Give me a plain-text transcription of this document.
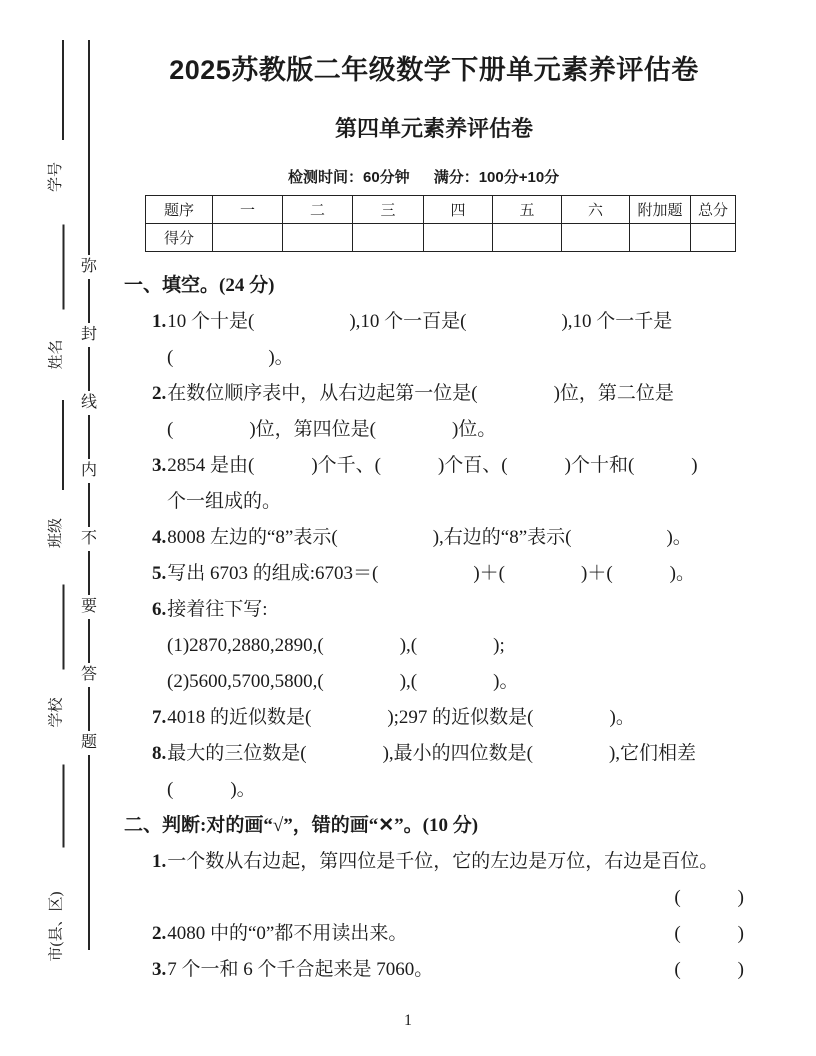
学号
姓名
班级
学校
市(县、区)
弥
封
线
内
不
要
答
题
2025苏教版二年级数学下册单元素养评估卷
第四单元素养评估卷
检测时间：60分钟 满分：100分+10分
题序	一	二	三	四	五	六	附加题	总分
得分								
一、填空。(24 分)
1.10 个十是(　　　　　),10 个一百是(　　　　　),10 个一千是
(　　　　　)。
2.在数位顺序表中，从右边起第一位是(　　　　)位，第二位是
(　　　　)位，第四位是(　　　　)位。
3.2854 是由(　　　)个千、(　　　)个百、(　　　)个十和(　　　)
个一组成的。
4.8008 左边的“8”表示(　　　　　),右边的“8”表示(　　　　　)。
5.写出 6703 的组成:6703＝(　　　　　)＋(　　　　)＋(　　　)。
6.接着往下写:
(1)2870,2880,2890,(　　　　),(　　　　);
(2)5600,5700,5800,(　　　　),(　　　　)。
7.4018 的近似数是(　　　　);297 的近似数是(　　　　)。
8.最大的三位数是(　　　　),最小的四位数是(　　　　),它们相差
(　　　)。
二、判断:对的画“√”，错的画“✕”。(10 分)
1.一个数从右边起，第四位是千位，它的左边是万位，右边是百位。
(　　　)
2.4080 中的“0”都不用读出来。	(　　　)
3.7 个一和 6 个千合起来是 7060。	(　　　)
1
